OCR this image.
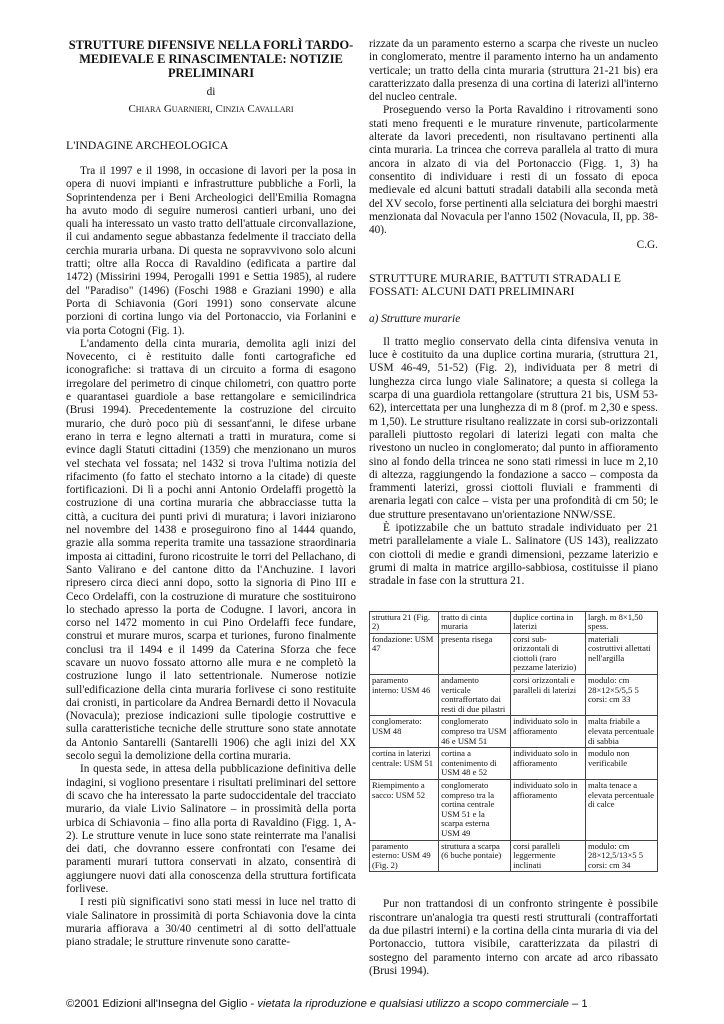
STRUTTURE DIFENSIVE NELLA FORLÌ TARDO-MEDIEVALE E RINASCIMENTALE: NOTIZIE PRELIMINARI
di
Chiara Guarnieri, Cinzia Cavallari
L'INDAGINE ARCHEOLOGICA

Tra il 1997 e il 1998, in occasione di lavori per la posa in opera di nuovi impianti e infrastrutture pubbliche a Forlì, la Soprintendenza per i Beni Archeologici dell'Emilia Romagna ha avuto modo di seguire numerosi cantieri urbani, uno dei quali ha interessato un vasto tratto dell'attuale circonvallazione, il cui andamento segue abbastanza fedelmente il tracciato della cerchia muraria urbana. Di questa ne sopravvivono solo alcuni tratti; oltre alla Rocca di Ravaldino (edificata a partire dal 1472) (Missirini 1994, Perogalli 1991 e Settia 1985), al rudere del "Paradiso" (1496) (Foschi 1988 e Graziani 1990) e alla Porta di Schiavonia (Gori 1991) sono conservate alcune porzioni di cortina lungo via del Portonaccio, via Forlanini e via porta Cotogni (Fig. 1).

L'andamento della cinta muraria, demolita agli inizi del Novecento, ci è restituito dalle fonti cartografiche ed iconografiche: si trattava di un circuito a forma di esagono irregolare del perimetro di cinque chilometri, con quattro porte e quarantasei guardiole a base rettangolare e semicilindrica (Brusi 1994). Precedentemente la costruzione del circuito murario, che durò poco più di sessant'anni, le difese urbane erano in terra e legno alternati a tratti in muratura, come si evince dagli Statuti cittadini (1359) che menzionano un muros vel stechata vel fossata; nel 1432 si trova l'ultima notizia del rifacimento (fo fatto el stechato intorno a la citade) di queste fortificazioni. Di lì a pochi anni Antonio Ordelaffi progettò la costruzione di una cortina muraria che abbracciasse tutta la città, a cucitura dei punti privi di muratura; i lavori iniziarono nel novembre del 1438 e proseguirono fino al 1444 quando, grazie alla somma reperita tramite una tassazione straordinaria imposta ai cittadini, furono ricostruite le torri del Pellachano, di Santo Valirano e del cantone ditto da l'Anchuzine. I lavori ripresero circa dieci anni dopo, sotto la signoria di Pino III e Ceco Ordelaffi, con la costruzione di murature che sostituirono lo stechado apresso la porta de Codugne. I lavori, ancora in corso nel 1472 momento in cui Pino Ordelaffi fece fundare, construi et murare muros, scarpa et turiones, furono finalmente conclusi tra il 1494 e il 1499 da Caterina Sforza che fece scavare un nuovo fossato attorno alle mura e ne completò la costruzione lungo il lato settentrionale. Numerose notizie sull'edificazione della cinta muraria forlivese ci sono restituite dai cronisti, in particolare da Andrea Bernardi detto il Novacula (Novacula); preziose indicazioni sulle tipologie costruttive e sulla caratteristiche tecniche delle strutture sono state annotate da Antonio Santarelli (Santarelli 1906) che agli inizi del XX secolo seguì la demolizione della cortina muraria.

In questa sede, in attesa della pubblicazione definitiva delle indagini, si vogliono presentare i risultati preliminari del settore di scavo che ha interessato la parte sudoccidentale del tracciato murario, da viale Livio Salinatore – in prossimità della porta urbica di Schiavonia – fino alla porta di Ravaldino (Figg. 1, A-2). Le strutture venute in luce sono state reinterrate ma l'analisi dei dati, che dovranno essere confrontati con l'esame dei paramenti murari tuttora conservati in alzato, consentirà di aggiungere nuovi dati alla conoscenza della struttura fortificata forlivese.

I resti più significativi sono stati messi in luce nel tratto di viale Salinatore in prossimità di porta Schiavonia dove la cinta muraria affiorava a 30/40 centimetri al di sotto dell'attuale piano stradale; le strutture rinvenute sono caratte-

rizzate da un paramento esterno a scarpa che riveste un nucleo in conglomerato, mentre il paramento interno ha un andamento verticale; un tratto della cinta muraria (struttura 21-21 bis) era caratterizzato dalla presenza di una cortina di laterizi all'interno del nucleo centrale.

Proseguendo verso la Porta Ravaldino i ritrovamenti sono stati meno frequenti e le murature rinvenute, particolarmente alterate da lavori precedenti, non risultavano pertinenti alla cinta muraria. La trincea che correva parallela al tratto di mura ancora in alzato di via del Portonaccio (Figg. 1, 3) ha consentito di individuare i resti di un fossato di epoca medievale ed alcuni battuti stradali databili alla seconda metà del XV secolo, forse pertinenti alla selciatura dei borghi maestri menzionata dal Novacula per l'anno 1502 (Novacula, II, pp. 38-40).

C.G.
STRUTTURE MURARIE, BATTUTI STRADALI E FOSSATI: ALCUNI DATI PRELIMINARI
a) Strutture murarie

Il tratto meglio conservato della cinta difensiva venuta in luce è costituito da una duplice cortina muraria, (struttura 21, USM 46-49, 51-52) (Fig. 2), individuata per 8 metri di lunghezza circa lungo viale Salinatore; a questa si collega la scarpa di una guardiola rettangolare (struttura 21 bis, USM 53-62), intercettata per una lunghezza di m 8 (prof. m 2,30 e spess. m 1,50). Le strutture risultano realizzate in corsi sub-orizzontali paralleli piuttosto regolari di laterizi legati con malta che rivestono un nucleo in conglomerato; dal punto in affioramento sino al fondo della trincea ne sono stati rimessi in luce m 2,10 di altezza, raggiungendo la fondazione a sacco – composta da frammenti laterizi, grossi ciottoli fluviali e frammenti di arenaria legati con calce – vista per una profondità di cm 50; le due strutture presentavano un'orientazione NNW/SSE.

È ipotizzabile che un battuto stradale individuato per 21 metri parallelamente a viale L. Salinatore (US 143), realizzato con ciottoli di medie e grandi dimensioni, pezzame laterizio e grumi di malta in matrice argillo-sabbiosa, costituisse il piano stradale in fase con la struttura 21.

struttura 21 (Fig. 2)	tratto di cinta muraria	duplice cortina in laterizi	largh. m 8×1,50 spess.
fondazione: USM 47	presenta risega	corsi sub-orizzontali di ciottoli (raro pezzame laterizio)	materiali costruttivi allettati nell'argilla
paramento interno: USM 46	andamento verticale contraffortato dai resti di due pilastri	corsi orizzontali e paralleli di laterizi	modulo: cm 28×12×5/5,5 5 corsi: cm 33
conglomerato: USM 48	conglomerato compreso tra USM 46 e USM 51	individuato solo in affioramento	malta friabile a elevata percentuale di sabbia
cortina in laterizi centrale: USM 51	cortina a contenimento di USM 48 e 52	individuato solo in affioramento	modulo non verificabile
Riempimento a sacco: USM 52	conglomerato compreso tra la cortina centrale USM 51 e la scarpa esterna USM 49	individuato solo in affioramento	malta tenace a elevata percentuale di calce
paramento esterno: USM 49 (Fig. 2)	struttura a scarpa (6 buche pontaie)	corsi paralleli leggermente inclinati	modulo: cm 28×12,5/13×5 5 corsi: cm 34

Pur non trattandosi di un confronto stringente è possibile riscontrare un'analogia tra questi resti strutturali (contraffortati da due pilastri interni) e la cortina della cinta muraria di via del Portonaccio, tuttora visibile, caratterizzata da pilastri di sostegno del paramento interno con arcate ad arco ribassato (Brusi 1994).

©2001 Edizioni all'Insegna del Giglio - vietata la riproduzione e qualsiasi utilizzo a scopo commerciale – 1
